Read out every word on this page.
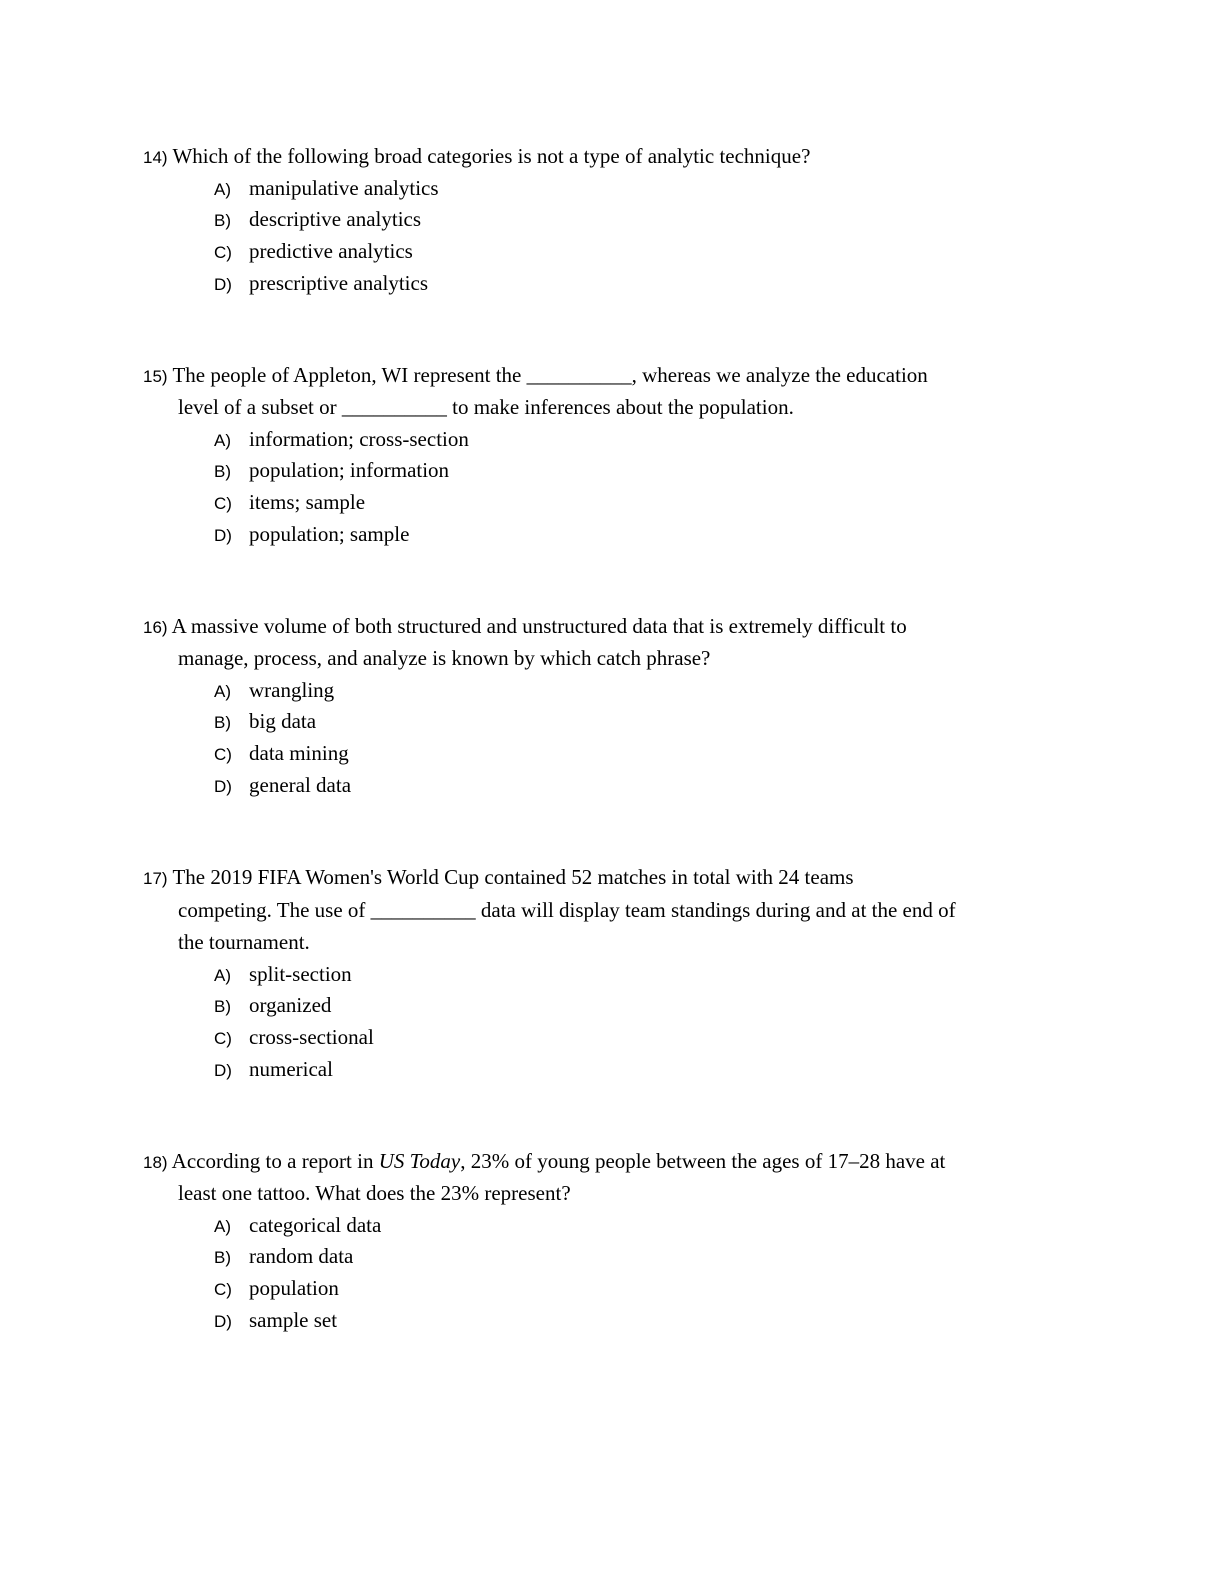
14) Which of the following broad categories is not a type of analytic technique?
A) manipulative analytics
B) descriptive analytics
C) predictive analytics
D) prescriptive analytics
15) The people of Appleton, WI represent the __________, whereas we analyze the education
level of a subset or __________ to make inferences about the population.
A) information; cross-section
B) population; information
C) items; sample
D) population; sample
16) A massive volume of both structured and unstructured data that is extremely difficult to
manage, process, and analyze is known by which catch phrase?
A) wrangling
B) big data
C) data mining
D) general data
17) The 2019 FIFA Women's World Cup contained 52 matches in total with 24 teams
competing. The use of __________ data will display team standings during and at the end of
the tournament.
A) split-section
B) organized
C) cross-sectional
D) numerical
18) According to a report in US Today, 23% of young people between the ages of 17–28 have at
least one tattoo. What does the 23% represent?
A) categorical data
B) random data
C) population
D) sample set
